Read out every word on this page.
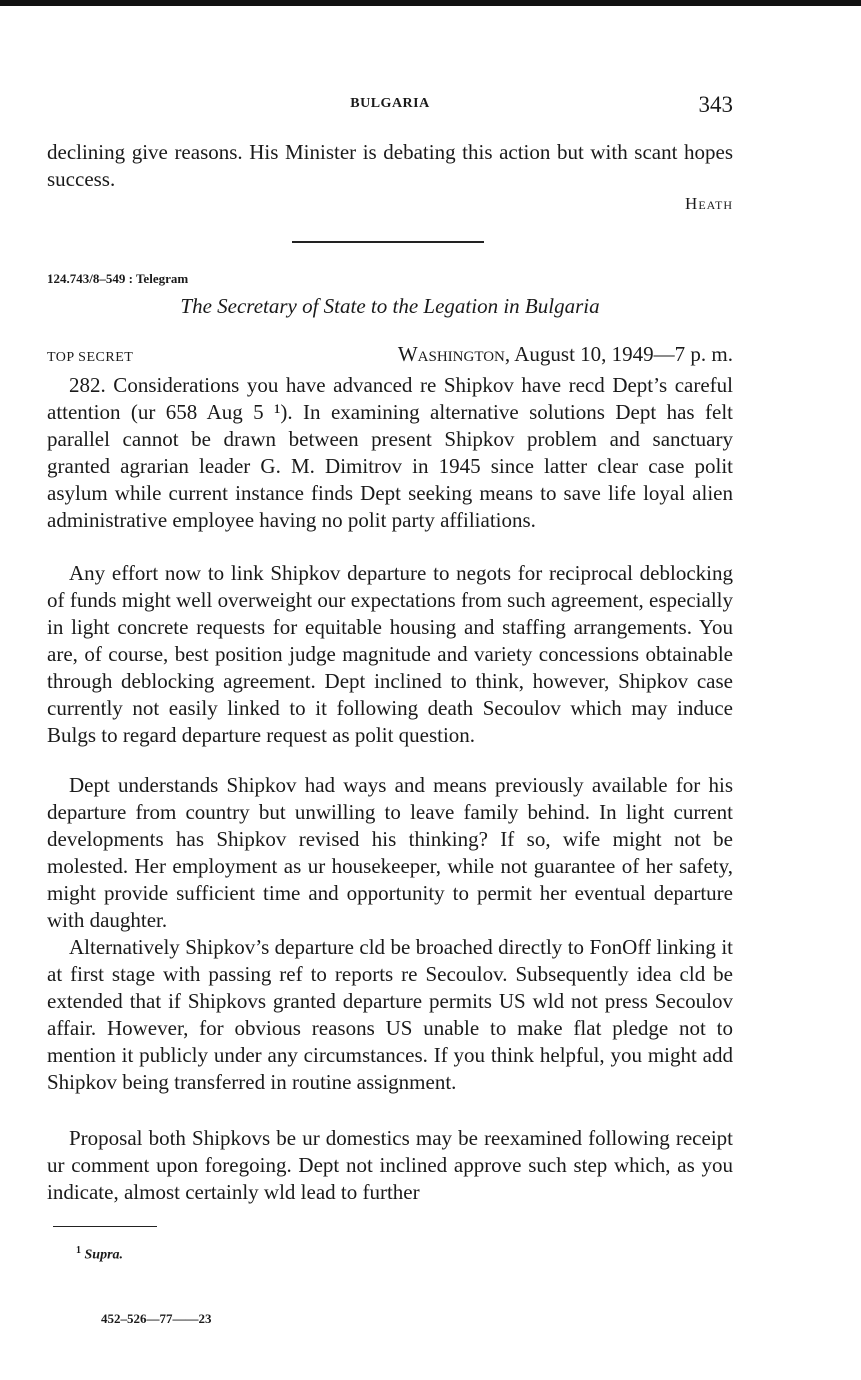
BULGARIA	343

declining give reasons. His Minister is debating this action but with scant hopes success.

Heath
124.743/8–549 : Telegram
The Secretary of State to the Legation in Bulgaria
TOP SECRET	Washington, August 10, 1949—7 p. m.

282. Considerations you have advanced re Shipkov have recd Dept’s careful attention (ur 658 Aug 5 ¹). In examining alternative solutions Dept has felt parallel cannot be drawn between present Shipkov problem and sanctuary granted agrarian leader G. M. Dimitrov in 1945 since latter clear case polit asylum while current instance finds Dept seeking means to save life loyal alien administrative employee having no polit party affiliations.

Any effort now to link Shipkov departure to negots for reciprocal deblocking of funds might well overweight our expectations from such agreement, especially in light concrete requests for equitable housing and staffing arrangements. You are, of course, best position judge magnitude and variety concessions obtainable through deblocking agreement. Dept inclined to think, however, Shipkov case currently not easily linked to it following death Secoulov which may induce Bulgs to regard departure request as polit question.

Dept understands Shipkov had ways and means previously available for his departure from country but unwilling to leave family behind. In light current developments has Shipkov revised his thinking? If so, wife might not be molested. Her employment as ur housekeeper, while not guarantee of her safety, might provide sufficient time and opportunity to permit her eventual departure with daughter.

Alternatively Shipkov’s departure cld be broached directly to FonOff linking it at first stage with passing ref to reports re Secoulov. Subsequently idea cld be extended that if Shipkovs granted departure permits US wld not press Secoulov affair. However, for obvious reasons US unable to make flat pledge not to mention it publicly under any circumstances. If you think helpful, you might add Shipkov being transferred in routine assignment.

Proposal both Shipkovs be ur domestics may be reexamined following receipt ur comment upon foregoing. Dept not inclined approve such step which, as you indicate, almost certainly wld lead to further

$^1$ Supra.
452–526—77——23
